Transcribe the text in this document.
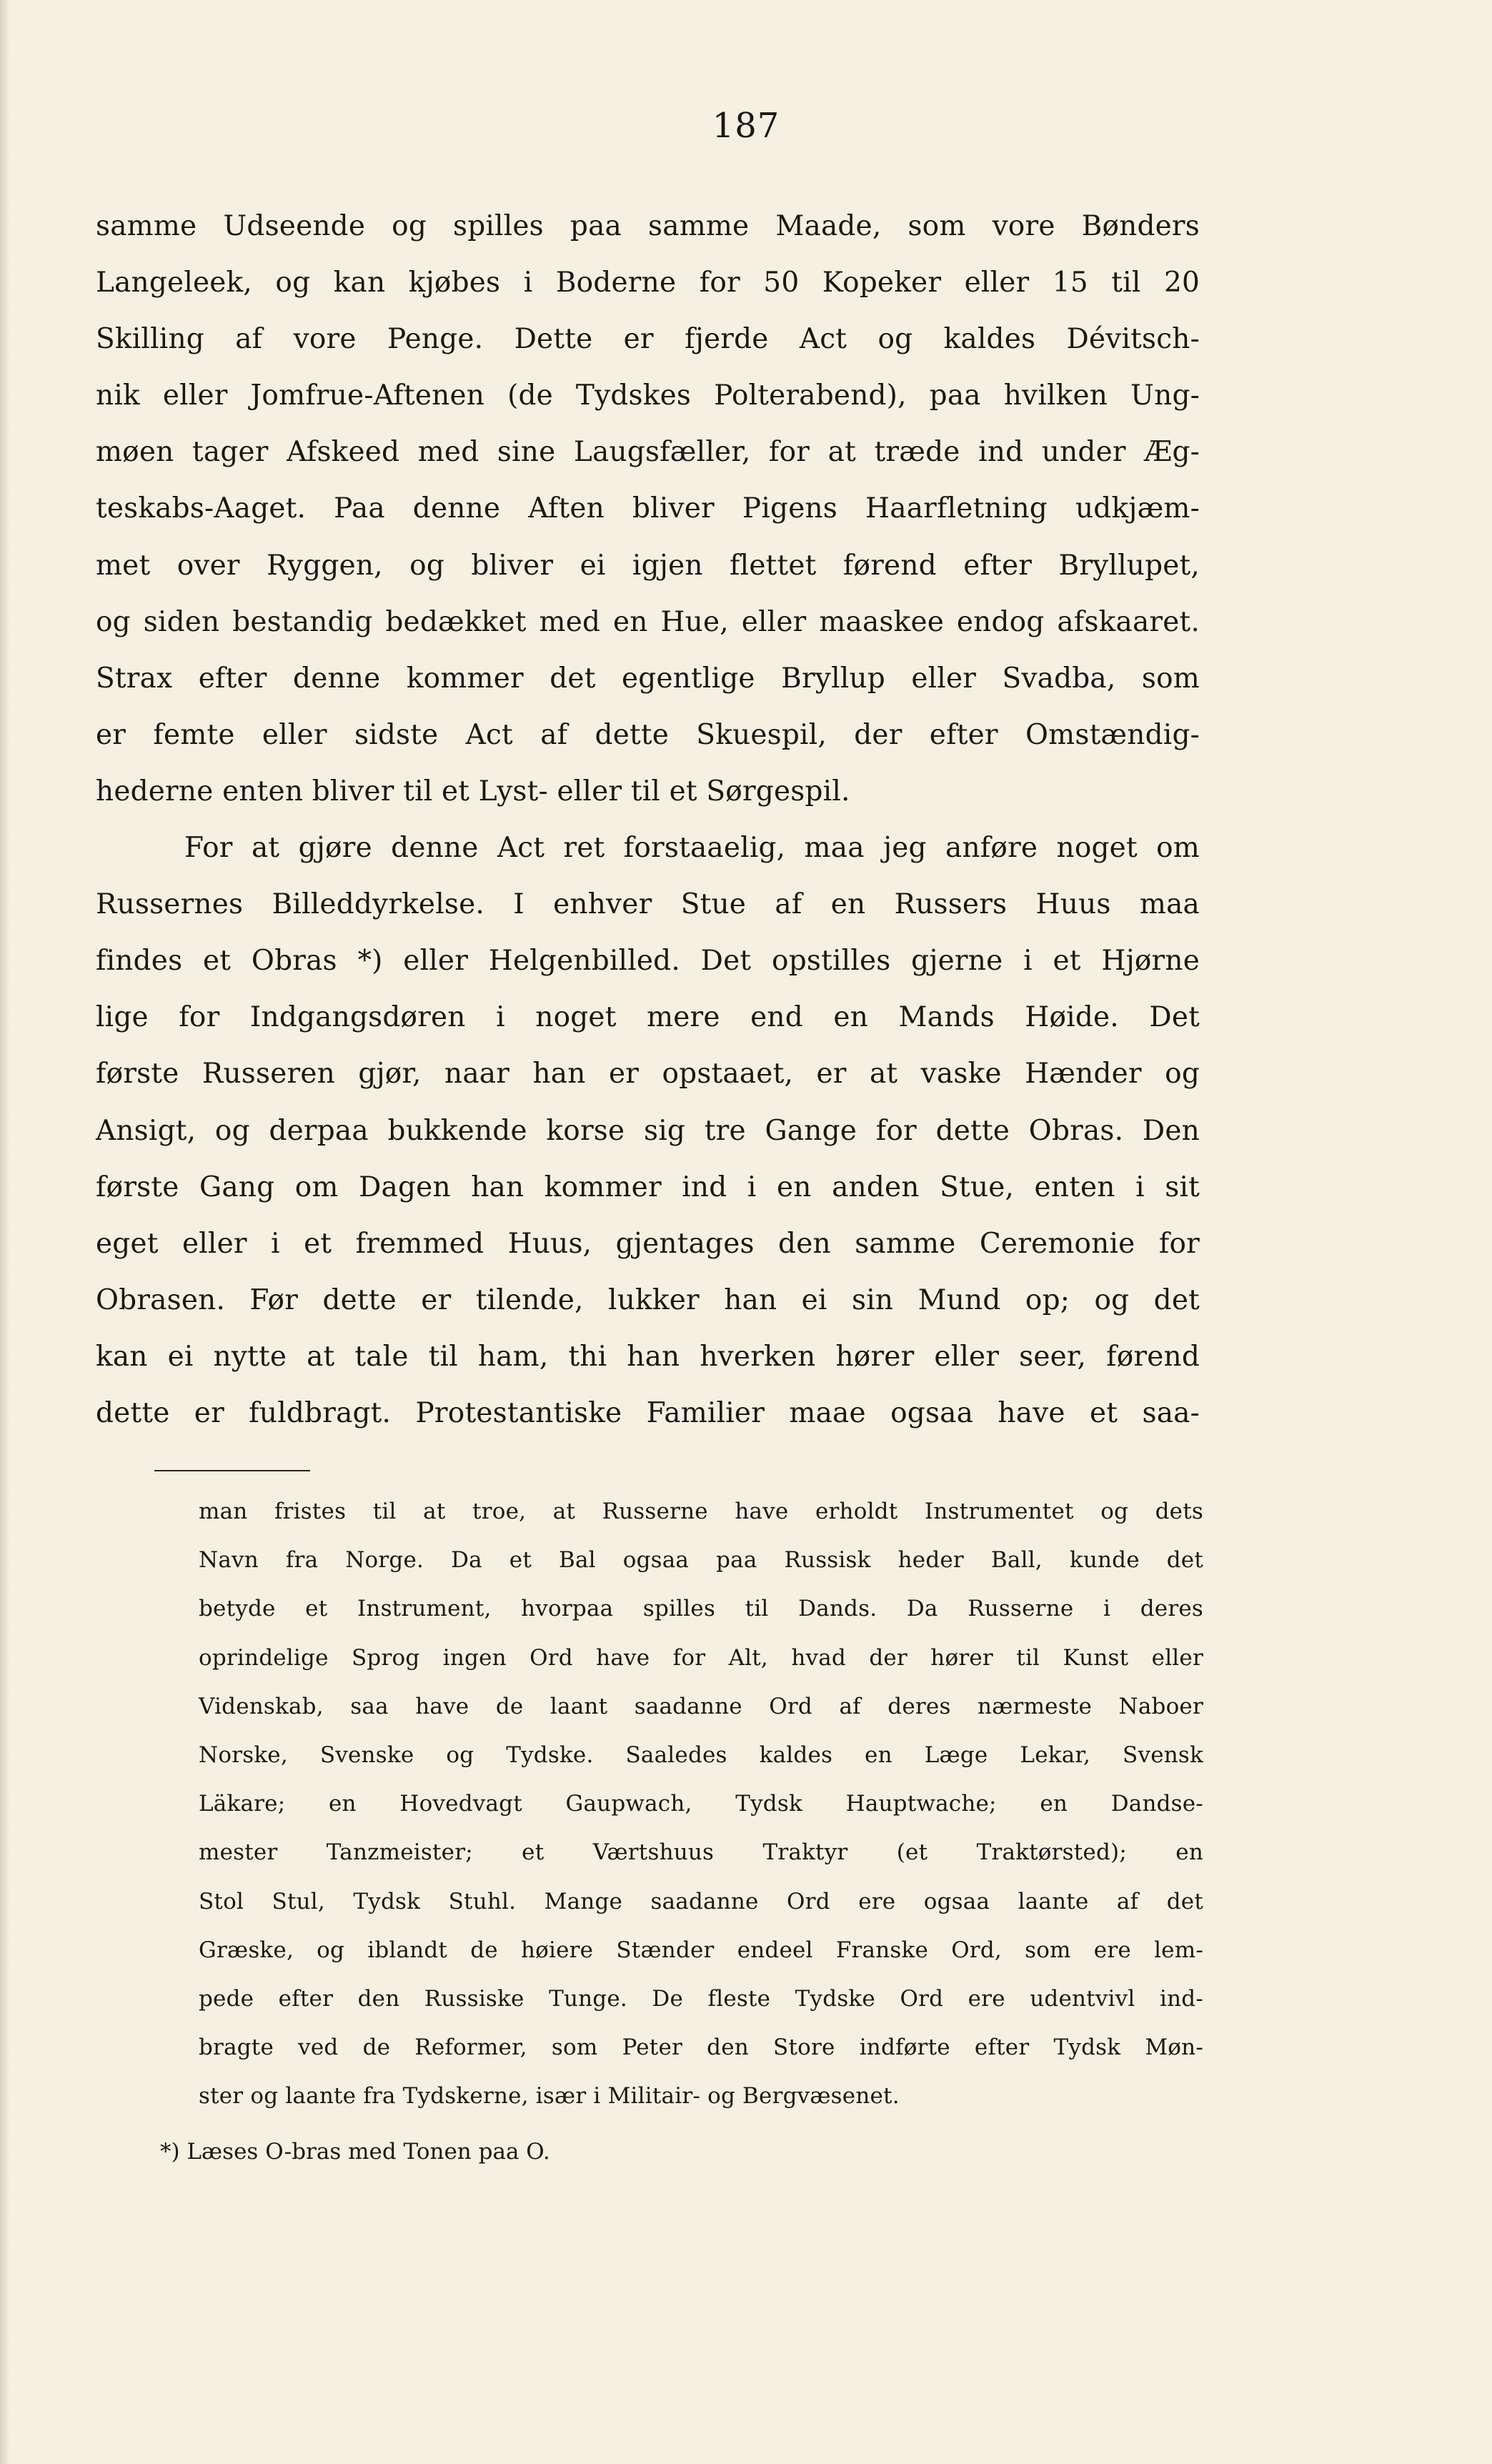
187

samme Udseende og spilles paa samme Maade, som vore Bønders
Langeleek, og kan kjøbes i Boderne for 50 Kopeker eller 15 til 20
Skilling af vore Penge. Dette er fjerde Act og kaldes Dévitsch-
nik eller Jomfrue-Aftenen (de Tydskes Polterabend), paa hvilken Ung-
møen tager Afskeed med sine Laugsfæller, for at træde ind under Æg-
teskabs-Aaget. Paa denne Aften bliver Pigens Haarfletning udkjæm-
met over Ryggen, og bliver ei igjen flettet førend efter Bryllupet,
og siden bestandig bedækket med en Hue, eller maaskee endog afskaaret.
Strax efter denne kommer det egentlige Bryllup eller Svadba, som
er femte eller sidste Act af dette Skuespil, der efter Omstændig-
hederne enten bliver til et Lyst- eller til et Sørgespil.

For at gjøre denne Act ret forstaaelig, maa jeg anføre noget om
Russernes Billeddyrkelse. I enhver Stue af en Russers Huus maa
findes et Obras *) eller Helgenbilled. Det opstilles gjerne i et Hjørne
lige for Indgangsdøren i noget mere end en Mands Høide. Det
første Russeren gjør, naar han er opstaaet, er at vaske Hænder og
Ansigt, og derpaa bukkende korse sig tre Gange for dette Obras. Den
første Gang om Dagen han kommer ind i en anden Stue, enten i sit
eget eller i et fremmed Huus, gjentages den samme Ceremonie for
Obrasen. Før dette er tilendе, lukker han ei sin Mund op; og det
kan ei nytte at tale til ham, thi han hverken hører eller seer, førend
dette er fuldbragt. Protestantiske Familier maae ogsaa have et saa-

man fristes til at troe, at Russerne have erholdt Instrumentet og dets
Navn fra Norge. Da et Bal ogsaa paa Russisk heder Ball, kunde det
betyde et Instrument, hvorpaa spilles til Dands. Da Russerne i deres
oprindelige Sprog ingen Ord have for Alt, hvad der hører til Kunst eller
Videnskab, saa have de laant saadanne Ord af deres nærmeste Naboer
Norske, Svenske og Tydske. Saaledes kaldes en Læge Lekar, Svensk
Läkare; en Hovedvagt Gaupwach, Tydsk Hauptwache; en Dandse-
mester Tanzmeister; et Værtshuus Traktyr (et Traktørsted); en
Stol Stul, Tydsk Stuhl. Mange saadanne Ord ere ogsaa laante af det
Græske, og iblandt de høiere Stænder endeel Franske Ord, som ere lem-
pede efter den Russiske Tunge. De fleste Tydske Ord ere udentvivl ind-
bragte ved de Reformer, som Peter den Store indførte efter Tydsk Møn-
ster og laante fra Tydskerne, især i Militair- og Bergvæsenet.
*) Læses O-bras med Tonen paa O.
